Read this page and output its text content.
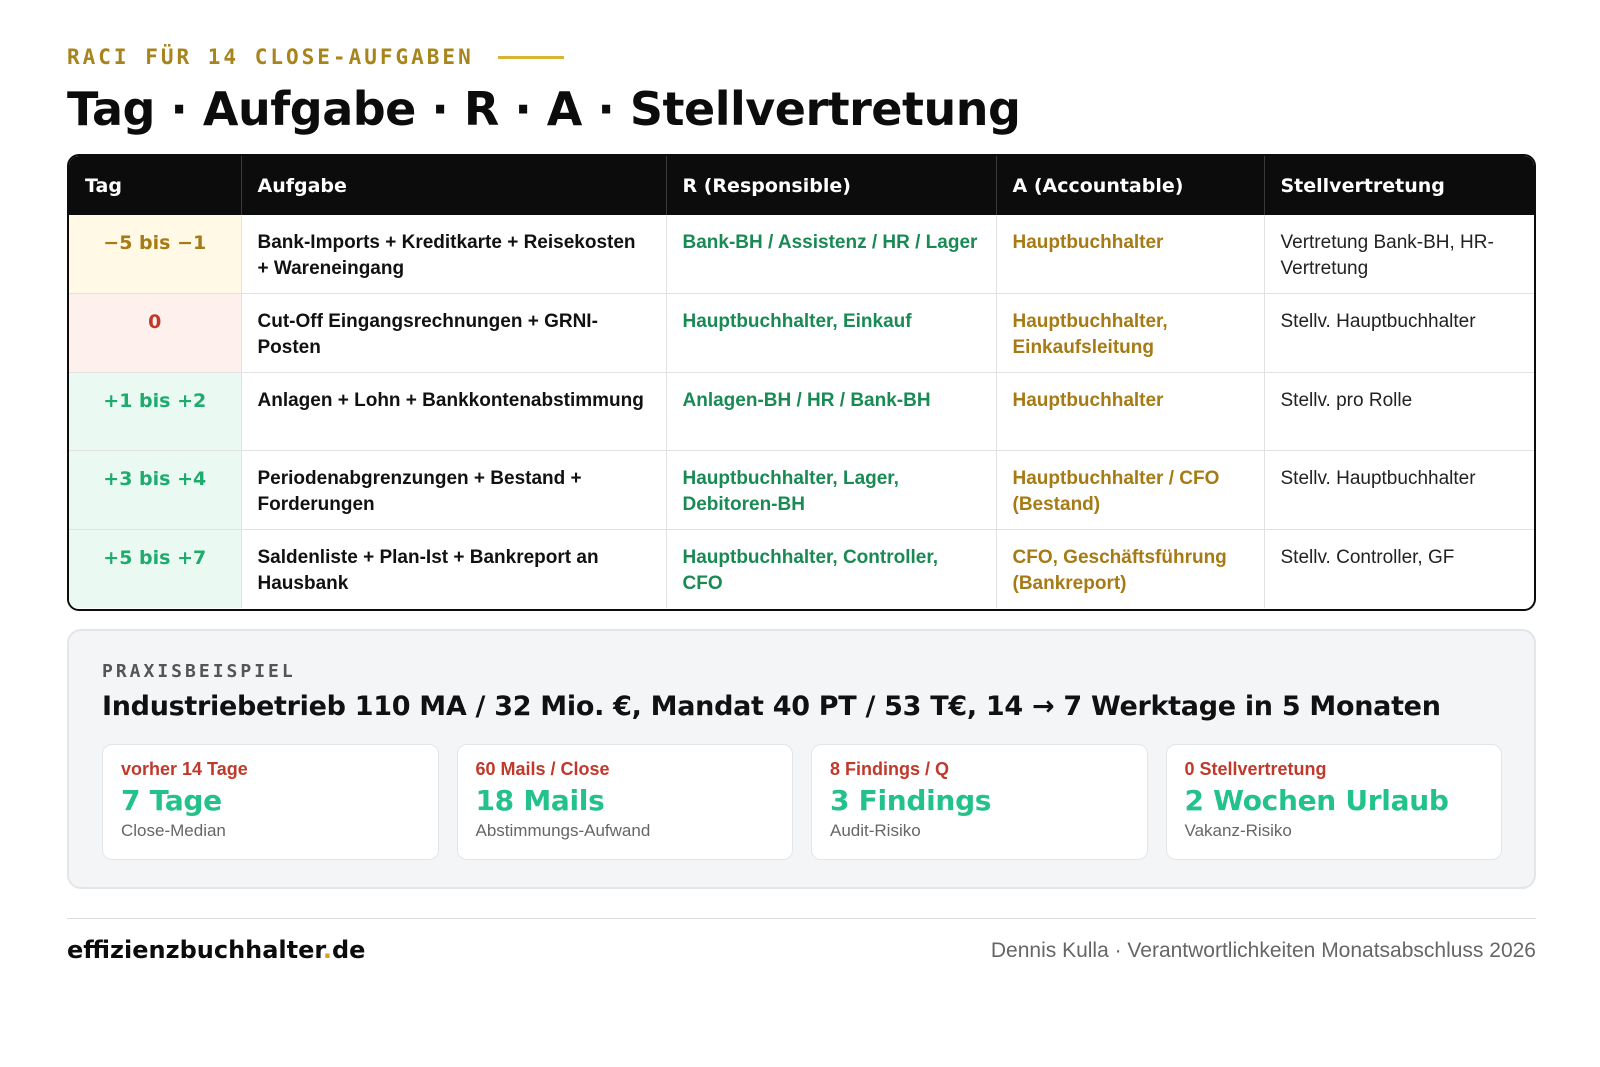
RACI FÜR 14 CLOSE-AUFGABEN
Tag · Aufgabe · R · A · Stellvertretung
Tag	Aufgabe	R (Responsible)	A (Accountable)	Stellvertretung
−5 bis −1	Bank-Imports + Kreditkarte + Reisekosten + Wareneingang	Bank-BH / Assistenz / HR / Lager	Hauptbuchhalter	Vertretung Bank-BH, HR-Vertretung
0	Cut-Off Eingangsrechnungen + GRNI-Posten	Hauptbuchhalter, Einkauf	Hauptbuchhalter, Einkaufsleitung	Stellv. Hauptbuchhalter
+1 bis +2	Anlagen + Lohn + Bankkontenabstimmung	Anlagen-BH / HR / Bank-BH	Hauptbuchhalter	Stellv. pro Rolle
+3 bis +4	Periodenabgrenzungen + Bestand + Forderungen	Hauptbuchhalter, Lager, Debitoren-BH	Hauptbuchhalter / CFO (Bestand)	Stellv. Hauptbuchhalter
+5 bis +7	Saldenliste + Plan-Ist + Bankreport an Hausbank	Hauptbuchhalter, Controller, CFO	CFO, Geschäftsführung (Bankreport)	Stellv. Controller, GF
PRAXISBEISPIEL
Industriebetrieb 110 MA / 32 Mio. €, Mandat 40 PT / 53 T€, 14 → 7 Werktage in 5 Monaten
vorher 14 Tage
7 Tage
Close-Median
60 Mails / Close
18 Mails
Abstimmungs-Aufwand
8 Findings / Q
3 Findings
Audit-Risiko
0 Stellvertretung
2 Wochen Urlaub
Vakanz-Risiko
effizienzbuchhalter.de	Dennis Kulla · Verantwortlichkeiten Monatsabschluss 2026
